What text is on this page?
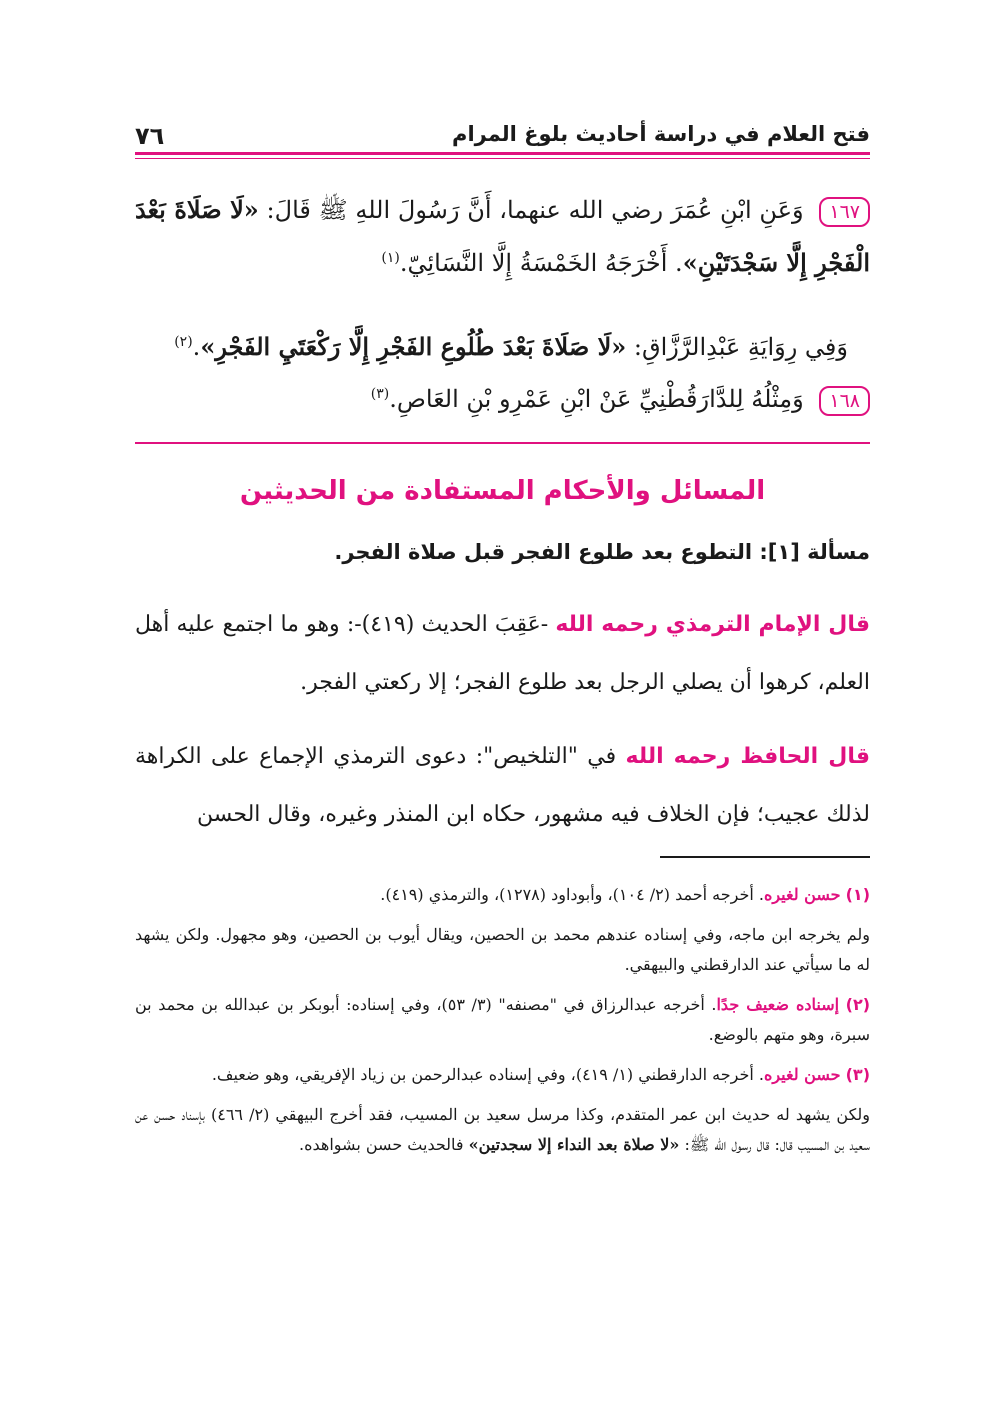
٧٦	فتح العلام في دراسة أحاديث بلوغ المرام
١٦٧ وَعَنِ ابْنِ عُمَرَ رضي الله عنهما، أَنَّ رَسُولَ اللهِ ﷺ قَالَ: «لَا صَلَاةَ بَعْدَ الْفَجْرِ إِلَّا سَجْدَتَيْنِ». أَخْرَجَهُ الخَمْسَةُ إِلَّا النَّسَائِيّ.$^{(١)}$
وَفِي رِوَايَةِ عَبْدِالرَّزَّاقِ: «لَا صَلَاةَ بَعْدَ طُلُوعِ الفَجْرِ إِلَّا رَكْعَتَيِ الفَجْرِ».$^{(٢)}$
١٦٨ وَمِثْلُهُ لِلدَّارَقُطْنِيِّ عَنْ ابْنِ عَمْرِو بْنِ العَاصِ.$^{(٣)}$
المسائل والأحكام المستفادة من الحديثين
مسألة [١]: التطوع بعد طلوع الفجر قبل صلاة الفجر.
قال الإمام الترمذي رحمه الله -عَقِبَ الحديث (٤١٩)-: وهو ما اجتمع عليه أهل العلم، كرهوا أن يصلي الرجل بعد طلوع الفجر؛ إلا ركعتي الفجر.
قال الحافظ رحمه الله في "التلخيص": دعوى الترمذي الإجماع على الكراهة لذلك عجيب؛ فإن الخلاف فيه مشهور، حكاه ابن المنذر وغيره، وقال الحسن
(١) حسن لغيره. أخرجه أحمد (٢/ ١٠٤)، وأبوداود (١٢٧٨)، والترمذي (٤١٩).
ولم يخرجه ابن ماجه، وفي إسناده عندهم محمد بن الحصين، ويقال أيوب بن الحصين، وهو مجهول. ولكن يشهد له ما سيأتي عند الدارقطني والبيهقي.
(٢) إسناده ضعيف جدًا. أخرجه عبدالرزاق في "مصنفه" (٣/ ٥٣)، وفي إسناده: أبوبكر بن عبدالله بن محمد بن سبرة، وهو متهم بالوضع.
(٣) حسن لغيره. أخرجه الدارقطني (١/ ٤١٩)، وفي إسناده عبدالرحمن بن زياد الإفريقي، وهو ضعيف.
ولكن يشهد له حديث ابن عمر المتقدم، وكذا مرسل سعيد بن المسيب، فقد أخرج البيهقي (٢/ ٤٦٦) بإسناد حسن عن سعيد بن المسيب قال: قال رسول الله ﷺ: «لا صلاة بعد النداء إلا سجدتين» فالحديث حسن بشواهده.
